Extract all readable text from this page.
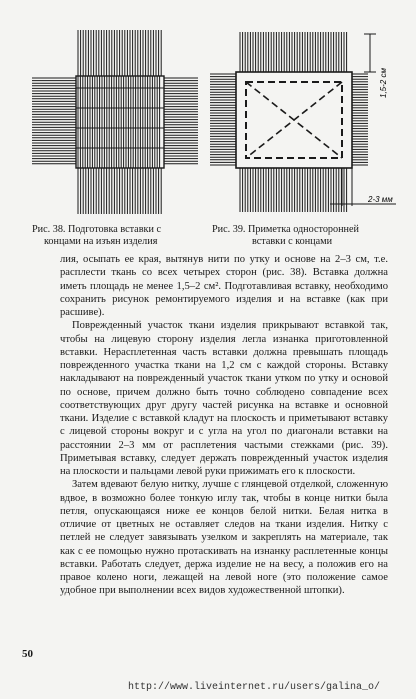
1,5-2 см
2-3 мм
Рис. 38. Подготовка вставки с
концами на изъян изделия
Рис. 39. Приметка односторонней
вставки с концами

лия, осыпать ее края, вытянув нити по утку и основе на 2–3 см, т.е. расплести ткань со всех четырех сторон (рис. 38). Вставка должна иметь площадь не менее 1,5–2 см². Подготавливая вставку, необходимо сохранить рисунок ремонтируемого изделия и на вставке (как при расшиве).

Поврежденный участок ткани изделия прикрывают вставкой так, чтобы на лицевую сторону изделия легла изнанка приготовленной вставки. Нерасплетенная часть вставки должна превышать площадь поврежденного участка ткани на 1,2 см с каждой стороны. Вставку накладывают на поврежденный участок ткани утком по утку и основой по основе, причем должно быть точно соблюдено совпадение всех соответствующих друг другу частей рисунка на вставке и основной ткани. Изделие с вставкой кладут на плоскость и приметывают вставку с лицевой стороны вокруг и с угла на угол по диагонали вставки на расстоянии 2–3 мм от расплетения частыми стежками (рис. 39). Приметывая вставку, следует держать поврежденный участок изделия на плоскости и пальцами левой руки прижимать его к плоскости.

Затем вдевают белую нитку, лучше с глянцевой отделкой, сложенную вдвое, в возможно более тонкую иглу так, чтобы в конце нитки была петля, опускающаяся ниже ее концов белой нитки. Белая нитка в отличие от цветных не оставляет следов на ткани изделия. Нитку с петлей не следует завязывать узелком и закреплять на материале, так как с ее помощью нужно протаскивать на изнанку расплетенные концы вставки. Работать следует, держа изделие не на весу, а положив его на правое колено ноги, лежащей на левой ноге (это положение самое удобное при выполнении всех видов художественной штопки).

50
http://www.liveinternet.ru/users/galina_o/
